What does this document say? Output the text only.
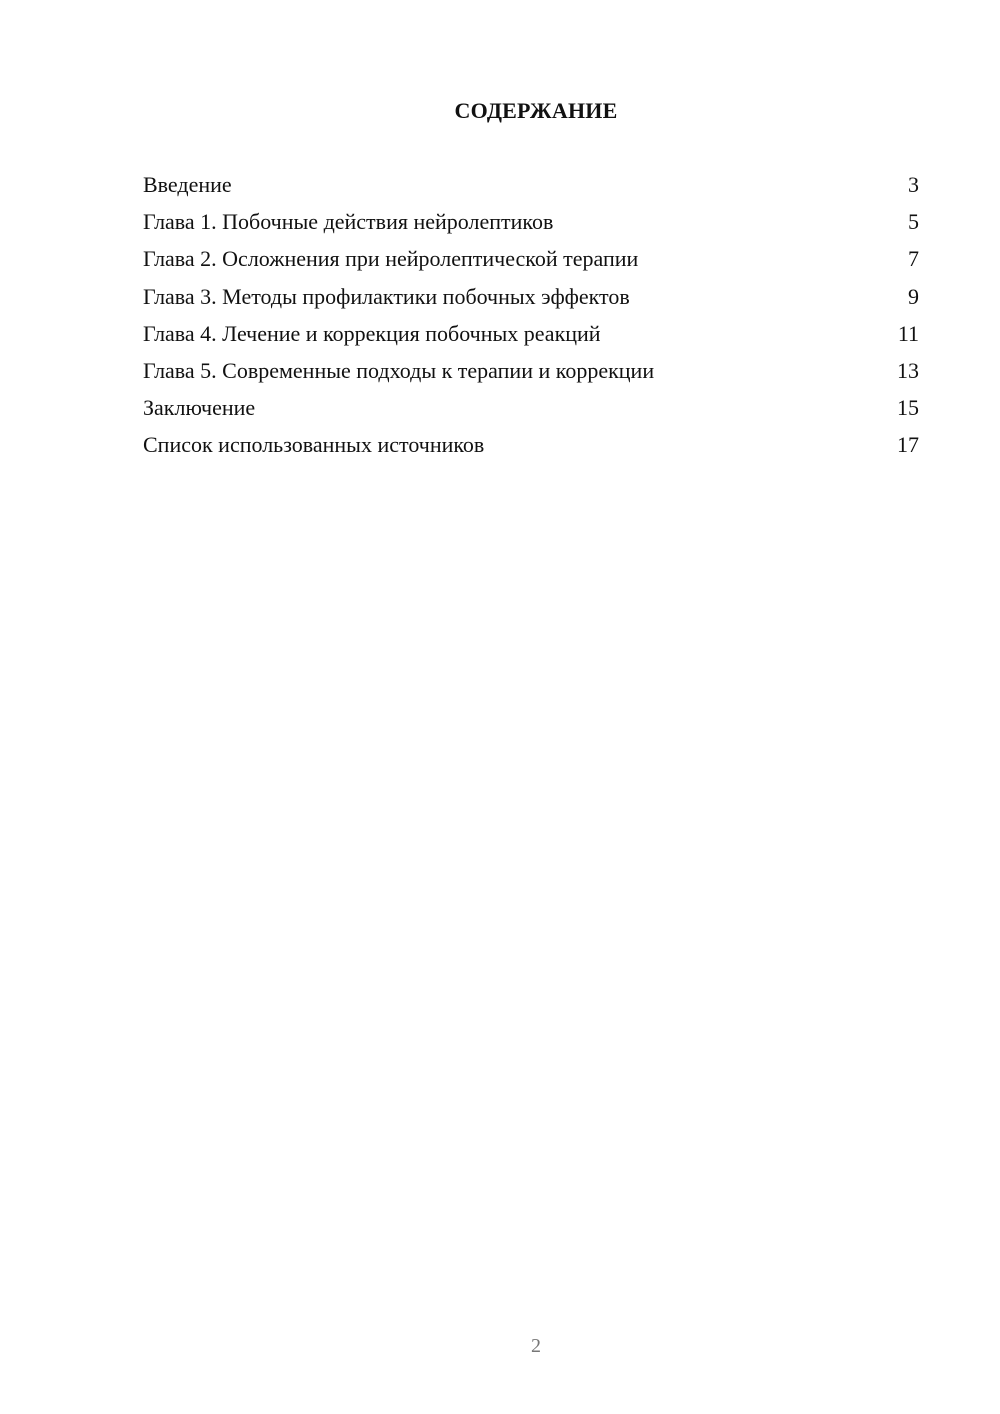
СОДЕРЖАНИЕ
Введение	3
Глава 1. Побочные действия нейролептиков	5
Глава 2. Осложнения при нейролептической терапии	7
Глава 3. Методы профилактики побочных эффектов	9
Глава 4. Лечение и коррекция побочных реакций	11
Глава 5. Современные подходы к терапии и коррекции	13
Заключение	15
Список использованных источников	17
2
